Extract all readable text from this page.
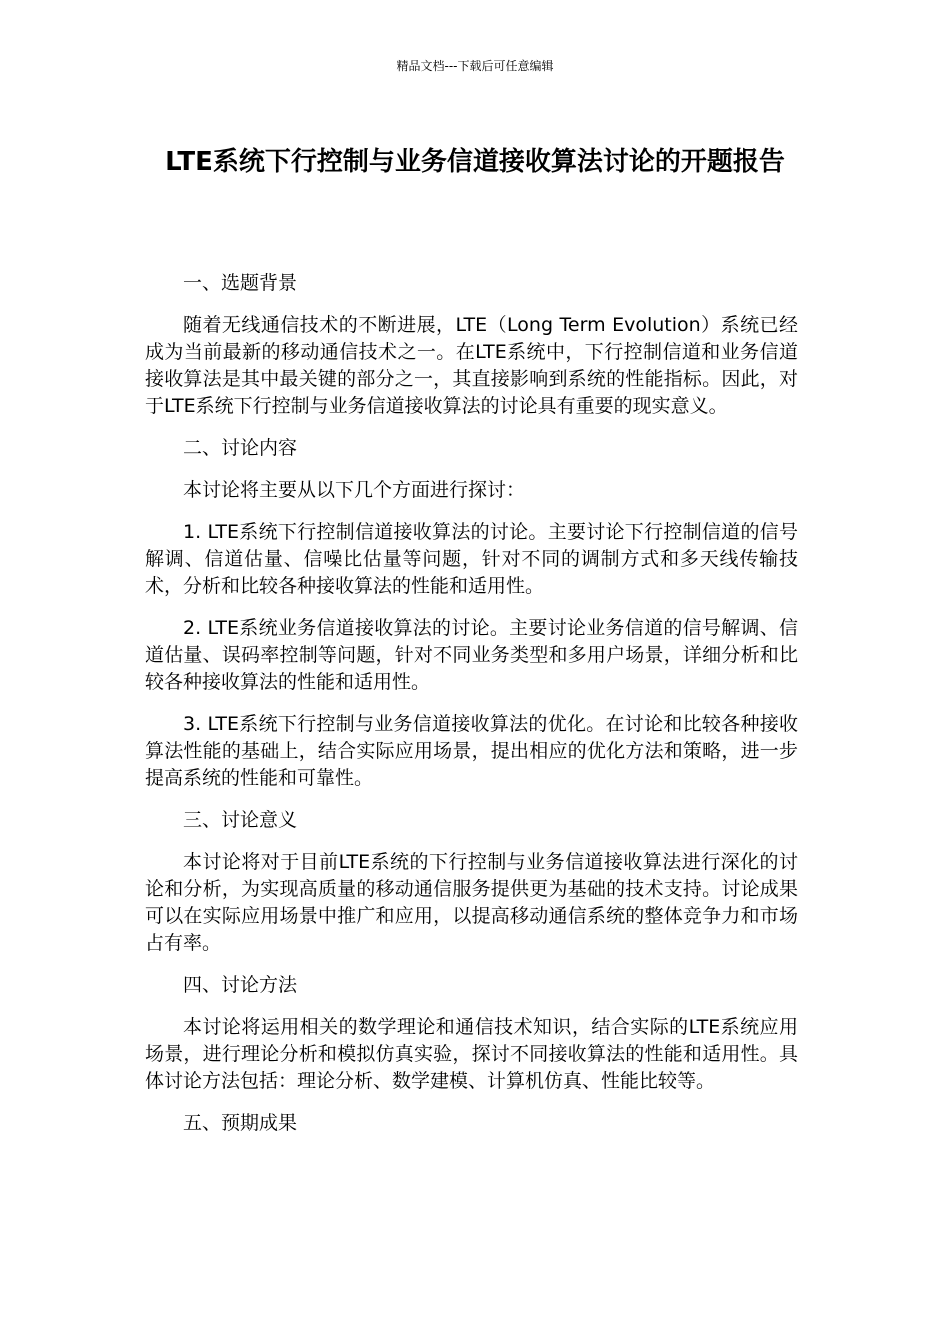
精品文档---下载后可任意编辑
LTE系统下行控制与业务信道接收算法讨论的开题报告

一、选题背景

随着无线通信技术的不断进展，LTE（Long Term Evolution）系统已经成为当前最新的移动通信技术之一。在LTE系统中，下行控制信道和业务信道接收算法是其中最关键的部分之一，其直接影响到系统的性能指标。因此，对于LTE系统下行控制与业务信道接收算法的讨论具有重要的现实意义。

二、讨论内容

本讨论将主要从以下几个方面进行探讨：

1. LTE系统下行控制信道接收算法的讨论。主要讨论下行控制信道的信号解调、信道估量、信噪比估量等问题，针对不同的调制方式和多天线传输技术，分析和比较各种接收算法的性能和适用性。

2. LTE系统业务信道接收算法的讨论。主要讨论业务信道的信号解调、信道估量、误码率控制等问题，针对不同业务类型和多用户场景，详细分析和比较各种接收算法的性能和适用性。

3. LTE系统下行控制与业务信道接收算法的优化。在讨论和比较各种接收算法性能的基础上，结合实际应用场景，提出相应的优化方法和策略，进一步提高系统的性能和可靠性。

三、讨论意义

本讨论将对于目前LTE系统的下行控制与业务信道接收算法进行深化的讨论和分析，为实现高质量的移动通信服务提供更为基础的技术支持。讨论成果可以在实际应用场景中推广和应用，以提高移动通信系统的整体竞争力和市场占有率。

四、讨论方法

本讨论将运用相关的数学理论和通信技术知识，结合实际的LTE系统应用场景，进行理论分析和模拟仿真实验，探讨不同接收算法的性能和适用性。具体讨论方法包括：理论分析、数学建模、计算机仿真、性能比较等。

五、预期成果
